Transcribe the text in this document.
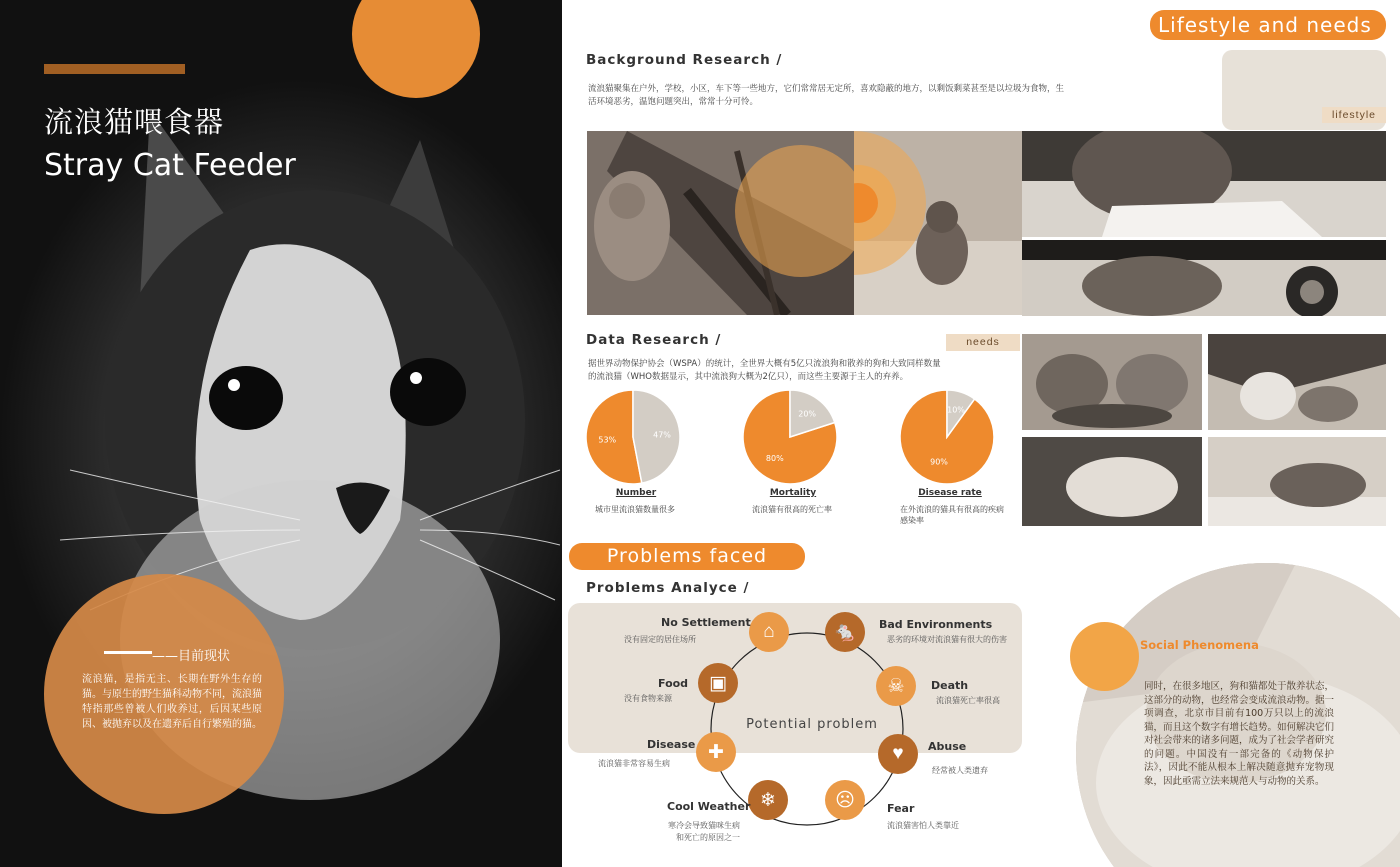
流浪猫喂食器
Stray Cat Feeder
——目前现状
流浪猫，是指无主、长期在野外生存的猫。与原生的野生猫科动物不同，流浪猫特指那些曾被人们收养过，后因某些原因、被抛弃以及在遗弃后自行繁殖的猫。
Lifestyle and needs
Background Research /
流浪猫聚集在户外，学校，小区，车下等一些地方，它们常常居无定所，喜欢隐蔽的地方，以剩饭剩菜甚至是以垃圾为食物，生活环境恶劣，温饱问题突出，常常十分可怜。
lifestyle
Data Research /	needs
据世界动物保护协会（WSPA）的统计，全世界大概有5亿只流浪狗和散养的狗和大致同样数量的流浪猫（WHO数据显示，其中流浪狗大概为2亿只），而这些主要源于主人的弃养。
53%
47%
Number
城市里流浪猫数量很多
80%
20%
Mortality
流浪猫有很高的死亡率
90%
10%
Disease rate
在外流浪的猫具有很高的疾病感染率
Problems faced
Problems Analyce /
Potential problem
⌂	🐁
▣	☠
✚	♥
❄	☹
No Settlement
没有固定的居住场所
Bad Environments
恶劣的环境对流浪猫有很大的伤害
Food
没有食物来源
Death
流浪猫死亡率很高
Disease
流浪猫非常容易生病
Abuse
经常被人类遗弃
Cool Weather
寒冷会导致猫咪生病
和死亡的原因之一
Fear
流浪猫害怕人类靠近
Social Phenomena
同时，在很多地区，狗和猫都处于散养状态，这部分的动物，也经常会变成流浪动物。据一项调查，北京市目前有100万只以上的流浪猫，而且这个数字有增长趋势。如何解决它们对社会带来的诸多问题，成为了社会学者研究的问题。中国没有一部完备的《动物保护法》，因此不能从根本上解决随意抛弃宠物现象，因此亟需立法来规范人与动物的关系。
